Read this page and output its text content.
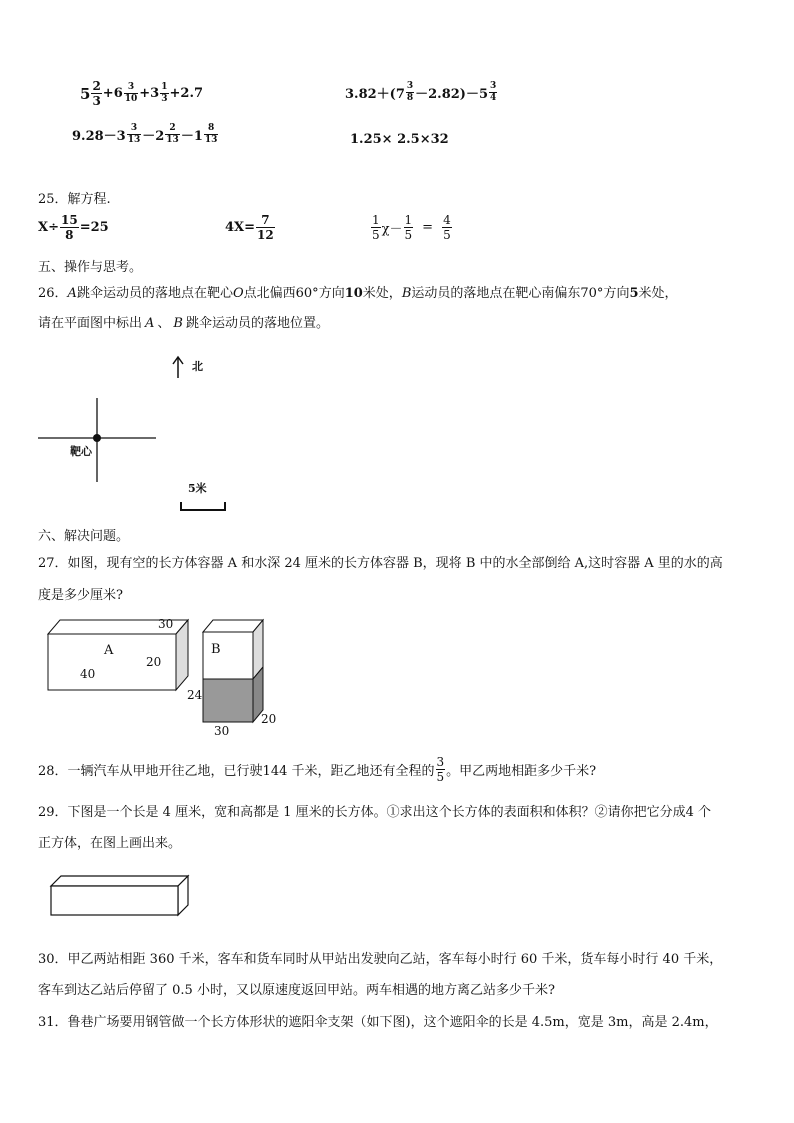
$5 \frac{2}{3} +6 \frac{3}{10} +3 \frac{1}{3} +2.7$	$3.82+(7 \frac{3}{8} -2.82)-5 \frac{3}{4}$
$9.28-3 \frac{3}{13} -2 \frac{2}{13} -1 \frac{8}{13}$	1.25× 2.5×32
25．解方程.
$X\div \frac{15}{8} =25$	$4X= \frac{7}{12}$	$\frac{1}{5} \chi- \frac{1}{5} = \frac{4}{5}$
五、操作与思考。
26．A跳伞运动员的落地点在靶心O点北偏西60°方向10米处，B运动员的落地点在靶心南偏东70°方向5米处，
请在平面图中标出 A 、 B 跳伞运动员的落地位置。
北
靶心
5米
六、解决问题。
27．如图，现有空的长方体容器 A 和水深 24 厘米的长方体容器 B，现将 B 中的水全部倒给 A,这时容器 A 里的水的高
度是多少厘米?
A
30
20
40
B
24
20
30
28．一辆汽车从甲地开往乙地，已行驶144 千米，距乙地还有全程的 $\frac{3}{5}$ 。甲乙两地相距多少千米?
29．下图是一个长是 4 厘米，宽和高都是 1 厘米的长方体。①求出这个长方体的表面积和体积？②请你把它分成4 个
正方体，在图上画出来。
30．甲乙两站相距 360 千米，客车和货车同时从甲站出发驶向乙站，客车每小时行 60 千米，货车每小时行 40 千米，
客车到达乙站后停留了 0.5 小时，又以原速度返回甲站。两车相遇的地方离乙站多少千米?
31．鲁巷广场要用钢管做一个长方体形状的遮阳伞支架（如下图)，这个遮阳伞的长是 4.5m，宽是 3m，高是 2.4m，
